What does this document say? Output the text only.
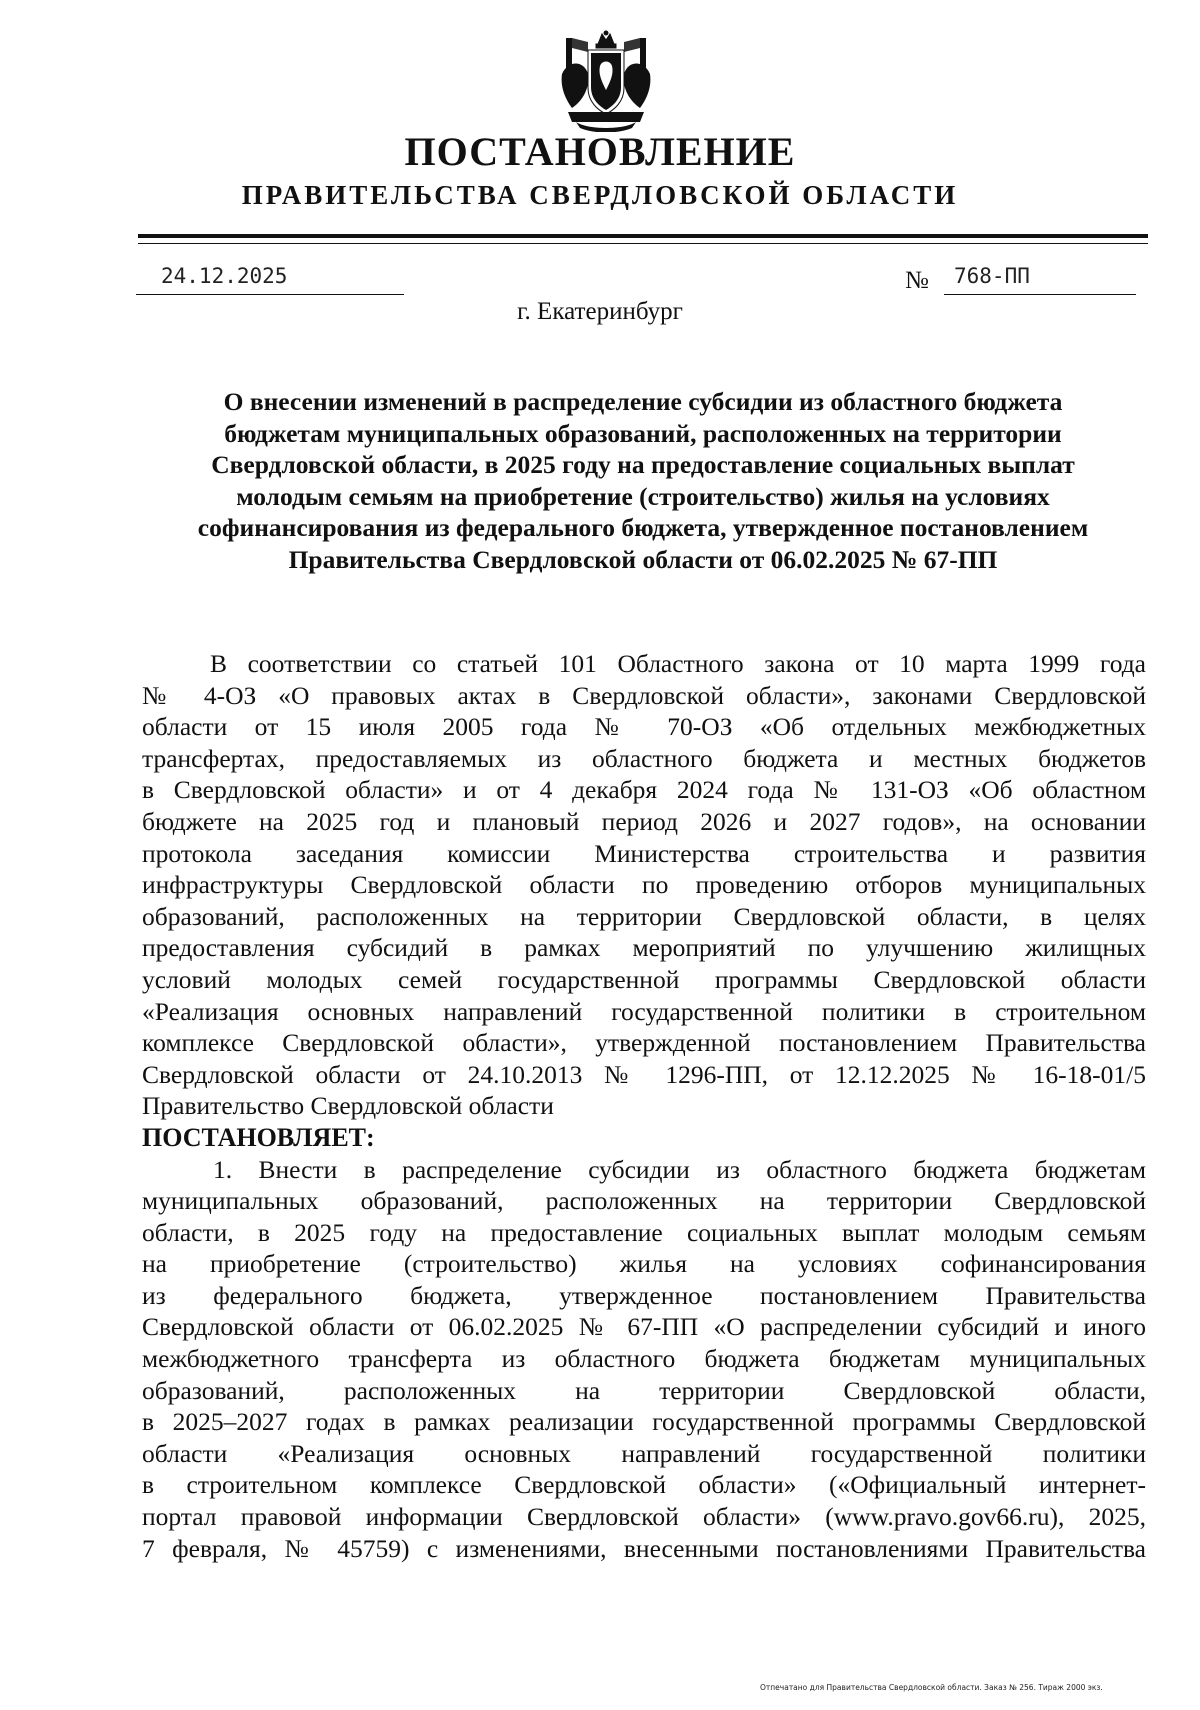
ПОСТАНОВЛЕНИЕ
ПРАВИТЕЛЬСТВА СВЕРДЛОВСКОЙ ОБЛАСТИ
24.12.2025	№ 768-ПП
г. Екатеринбург
О внесении изменений в распределение субсидии из областного бюджета
бюджетам муниципальных образований, расположенных на территории
Свердловской области, в 2025 году на предоставление социальных выплат
молодым семьям на приобретение (строительство) жилья на условиях
софинансирования из федерального бюджета, утвержденное постановлением
Правительства Свердловской области от 06.02.2025 № 67-ПП
В соответствии со статьей 101 Областного закона от 10 марта 1999 года
№ 4-ОЗ «О правовых актах в Свердловской области», законами Свердловской
области от 15 июля 2005 года № 70-ОЗ «Об отдельных межбюджетных
трансфертах, предоставляемых из областного бюджета и местных бюджетов
в Свердловской области» и от 4 декабря 2024 года № 131-ОЗ «Об областном
бюджете на 2025 год и плановый период 2026 и 2027 годов», на основании
протокола заседания комиссии Министерства строительства и развития
инфраструктуры Свердловской области по проведению отборов муниципальных
образований, расположенных на территории Свердловской области, в целях
предоставления субсидий в рамках мероприятий по улучшению жилищных
условий молодых семей государственной программы Свердловской области
«Реализация основных направлений государственной политики в строительном
комплексе Свердловской области», утвержденной постановлением Правительства
Свердловской области от 24.10.2013 № 1296-ПП, от 12.12.2025 № 16-18-01/5
Правительство Свердловской области
ПОСТАНОВЛЯЕТ:
1. Внести в распределение субсидии из областного бюджета бюджетам
муниципальных образований, расположенных на территории Свердловской
области, в 2025 году на предоставление социальных выплат молодым семьям
на приобретение (строительство) жилья на условиях софинансирования
из федерального бюджета, утвержденное постановлением Правительства
Свердловской области от 06.02.2025 № 67-ПП «О распределении субсидий и иного
межбюджетного трансферта из областного бюджета бюджетам муниципальных
образований, расположенных на территории Свердловской области,
в 2025–2027 годах в рамках реализации государственной программы Свердловской
области «Реализация основных направлений государственной политики
в строительном комплексе Свердловской области» («Официальный интернет-
портал правовой информации Свердловской области» (www.pravo.gov66.ru), 2025,
7 февраля, № 45759) с изменениями, внесенными постановлениями Правительства
Отпечатано для Правительства Свердловской области. Заказ № 256. Тираж 2000 экз.
